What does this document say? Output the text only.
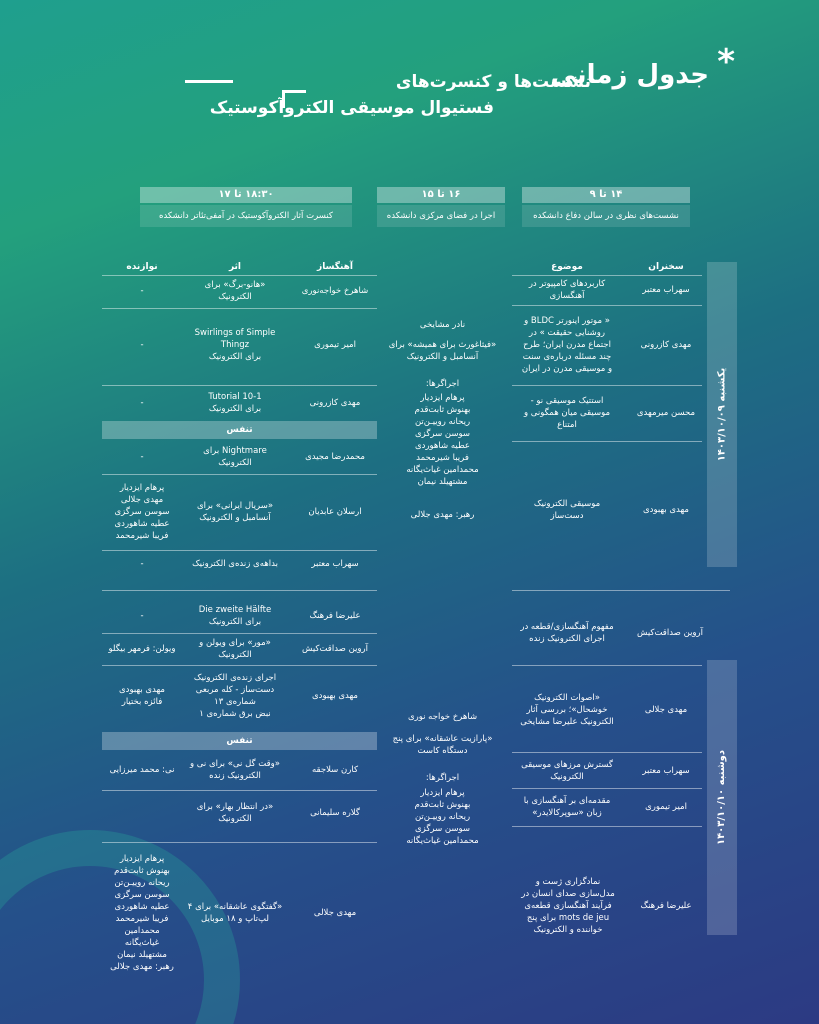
*
جدول زمانی
نشست‌ها و کنسرت‌های
فستیوال موسیقی الکتروآکوستیک
۱۴ تا ۹
نشست‌های نظری در سالن دفاع دانشکده
۱۶ تا ۱۵
اجرا در فضای مرکزی دانشکده
۱۸:۳۰ تا ۱۷
کنسرت آثار الکتروآکوستیک در آمفی‌تئاتر دانشکده
سخنران
موضوع
آهنگساز
اثر
نوازنده
یکشنبه ۱۴۰۳/۱۰/۰۹
دوشنبه ۱۴۰۳/۱۰/۱۰
سهراب معتبر
کاربردهای کامپیوتر در
آهنگسازی
مهدی کازرونی
« موتور اینورتر BLDC و
روشنایی حقیقت » در
اجتماع مدرن ایران؛ طرح
چند مسئله درباره‌ی سنت
و موسیقی مدرن در ایران
محسن میرمهدی
استتیک موسیقی نو -
موسیقی میان همگونی و
امتناع
مهدی بهبودی
موسیقی الکترونیک
دست‌ساز
نادر مشایخی
«فیثاغورث برای همیشه» برای
آنسامبل و الکترونیک
اجراگرها:
پرهام ایزدیار
بهنوش ثابت‌قدم
ریحانه روییـن‌تن
سوسن سرگزی
عطیه شاهوردی
فریبا شیرمحمد
محمدامین غیاث‌یگانه
مشتهیلد نیمان
رهبر: مهدی جلالی
شاهرخ خواجه‌نوری
«هانو-برگ» برای
الکترونیک
-
امیر تیموری
Swirlings of Simple
Thingz
برای الکترونیک
-
مهدی کازرونی
Tutorial 10-1
برای الکترونیک
-
تنفس
محمدرضا مجیدی
Nightmare برای
الکترونیک
-
ارسلان عابدیان
«سریال ایرانی» برای
آنسامبل و الکترونیک
پرهام ایزدیار
مهدی جلالی
سوسن سرگزی
عطیه شاهوردی
فریبا شیرمحمد
سهراب معتبر
بداهه‌ی زنده‌ی الکترونیک
-
آروین صداقت‌کیش
مفهوم آهنگسازی/قطعه در
اجرای الکترونیک زنده
مهدی جلالی
«اصوات الکترونیک
خوشحال»؛ بررسی آثار
الکترونیک علیرضا مشایخی
سهراب معتبر
گسترش مرزهای موسیقی
الکترونیک
امیر تیموری
مقدمه‌ای بر آهنگسازی با
زبان «سوپرکالایدر»
علیرضا فرهنگ
نمادگزاری ژست و
مدل‌سازی صدای انسان در
فرآیند آهنگسازی قطعه‌ی
mots de jeu برای پنج
خواننده و الکترونیک
شاهرخ خواجه نوری
«پارازیت عاشقانه» برای پنج
دستگاه کاست
اجراگرها:
پرهام ایزدیار
بهنوش ثابت‌قدم
ریحانه روییـن‌تن
سوسن سرگزی
محمدامین غیاث‌یگانه
علیرضا فرهنگ
Die zweite Hälfte
برای الکترونیک
-
آروین صداقت‌کیش
«مور» برای ویولن و
الکترونیک
ویولن: فرمهر بیگلو
مهدی بهبودی
اجرای زنده‌ی الکترونیک
دست‌ساز - کله مربعی
شماره‌ی ۱۳
نبض برق شماره‌ی ۱
مهدی بهبودی
فائزه بختیار
تنفس
کارن سلاجقه
«وقت گل نی» برای نی و
الکترونیک زنده
نی: محمد میرزایی
گلاره سلیمانی
«در انتظار بهار» برای
الکترونیک
مهدی جلالی
«گفتگوی عاشقانه» برای ۴
لپ‌تاپ و ۱۸ موبایل
پرهام ایزدیار
بهنوش ثابت‌قدم
ریحانه روییـن‌تن
سوسن سرگزی
عطیه شاهوردی
فریبا شیرمحمد
محمدامین
غیاث‌یگانه
مشتهیلد نیمان
رهبر: مهدی جلالی
